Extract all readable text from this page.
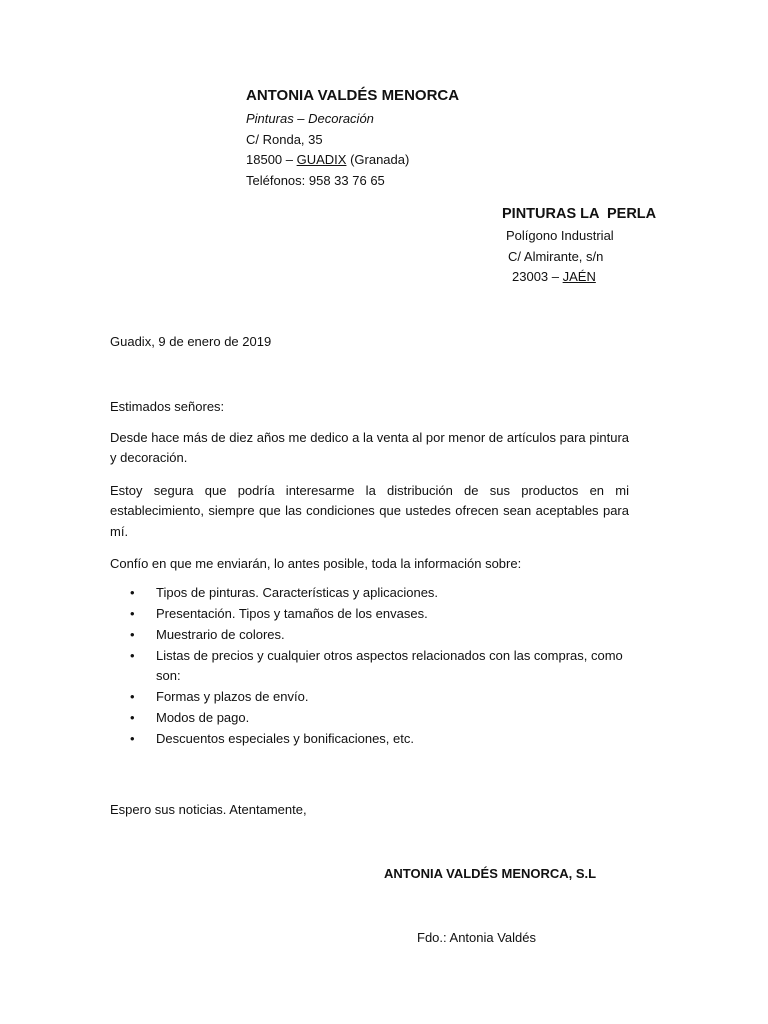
ANTONIA VALDÉS MENORCA
Pinturas – Decoración
C/ Ronda, 35
18500 – GUADIX (Granada)
Teléfonos: 958 33 76 65
PINTURAS LA  PERLA
Polígono Industrial
C/ Almirante, s/n
23003 – JAÉN
Guadix, 9 de enero de 2019
Estimados señores:

Desde hace más de diez años me dedico a la venta al por menor de artículos para pintura y decoración.

Estoy segura que podría interesarme la distribución de sus productos en mi establecimiento, siempre que las condiciones que ustedes ofrecen sean aceptables para mí.

Confío en que me enviarán, lo antes posible, toda la información sobre:

• Tipos de pinturas. Características y aplicaciones.
• Presentación. Tipos y tamaños de los envases.
• Muestrario de colores.
• Listas de precios y cualquier otros aspectos relacionados con las compras, como son:
• Formas y plazos de envío.
• Modos de pago.
• Descuentos especiales y bonificaciones, etc.
Espero sus noticias. Atentamente,
ANTONIA VALDÉS MENORCA, S.L
Fdo.: Antonia Valdés
